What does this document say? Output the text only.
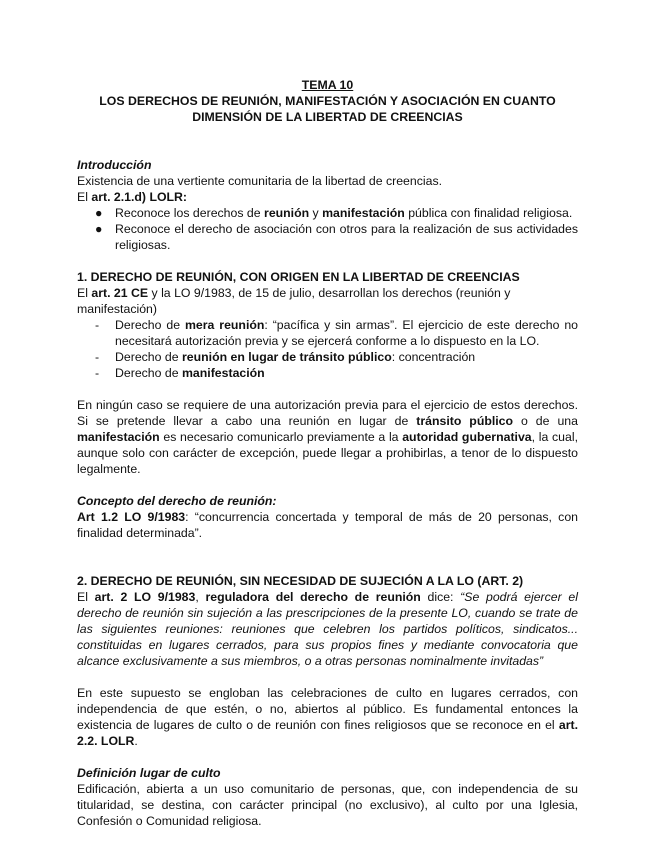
TEMA 10

LOS DERECHOS DE REUNIÓN, MANIFESTACIÓN Y ASOCIACIÓN EN CUANTO

DIMENSIÓN DE LA LIBERTAD DE CREENCIAS

Introducción

Existencia de una vertiente comunitaria de la libertad de creencias.

El art. 2.1.d) LOLR:

● Reconoce los derechos de reunión y manifestación pública con finalidad religiosa.
● Reconoce el derecho de asociación con otros para la realización de sus actividades religiosas.

1. DERECHO DE REUNIÓN, CON ORIGEN EN LA LIBERTAD DE CREENCIAS

El art. 21 CE y la LO 9/1983, de 15 de julio, desarrollan los derechos (reunión y manifestación)

- Derecho de mera reunión: “pacífica y sin armas”. El ejercicio de este derecho no necesitará autorización previa y se ejercerá conforme a lo dispuesto en la LO.
- Derecho de reunión en lugar de tránsito público: concentración
- Derecho de manifestación

En ningún caso se requiere de una autorización previa para el ejercicio de estos derechos. Si se pretende llevar a cabo una reunión en lugar de tránsito público o de una manifestación es necesario comunicarlo previamente a la autoridad gubernativa, la cual, aunque solo con carácter de excepción, puede llegar a prohibirlas, a tenor de lo dispuesto legalmente.

Concepto del derecho de reunión:

Art 1.2 LO 9/1983: “concurrencia concertada y temporal de más de 20 personas, con finalidad determinada”.

2. DERECHO DE REUNIÓN, SIN NECESIDAD DE SUJECIÓN A LA LO (ART. 2)

El art. 2 LO 9/1983, reguladora del derecho de reunión dice: “Se podrá ejercer el derecho de reunión sin sujeción a las prescripciones de la presente LO, cuando se trate de las siguientes reuniones: reuniones que celebren los partidos políticos, sindicatos... constituidas en lugares cerrados, para sus propios fines y mediante convocatoria que alcance exclusivamente a sus miembros, o a otras personas nominalmente invitadas”

En este supuesto se engloban las celebraciones de culto en lugares cerrados, con independencia de que estén, o no, abiertos al público. Es fundamental entonces la existencia de lugares de culto o de reunión con fines religiosos que se reconoce en el art. 2.2. LOLR.

Definición lugar de culto

Edificación, abierta a un uso comunitario de personas, que, con independencia de su titularidad, se destina, con carácter principal (no exclusivo), al culto por una Iglesia, Confesión o Comunidad religiosa.
